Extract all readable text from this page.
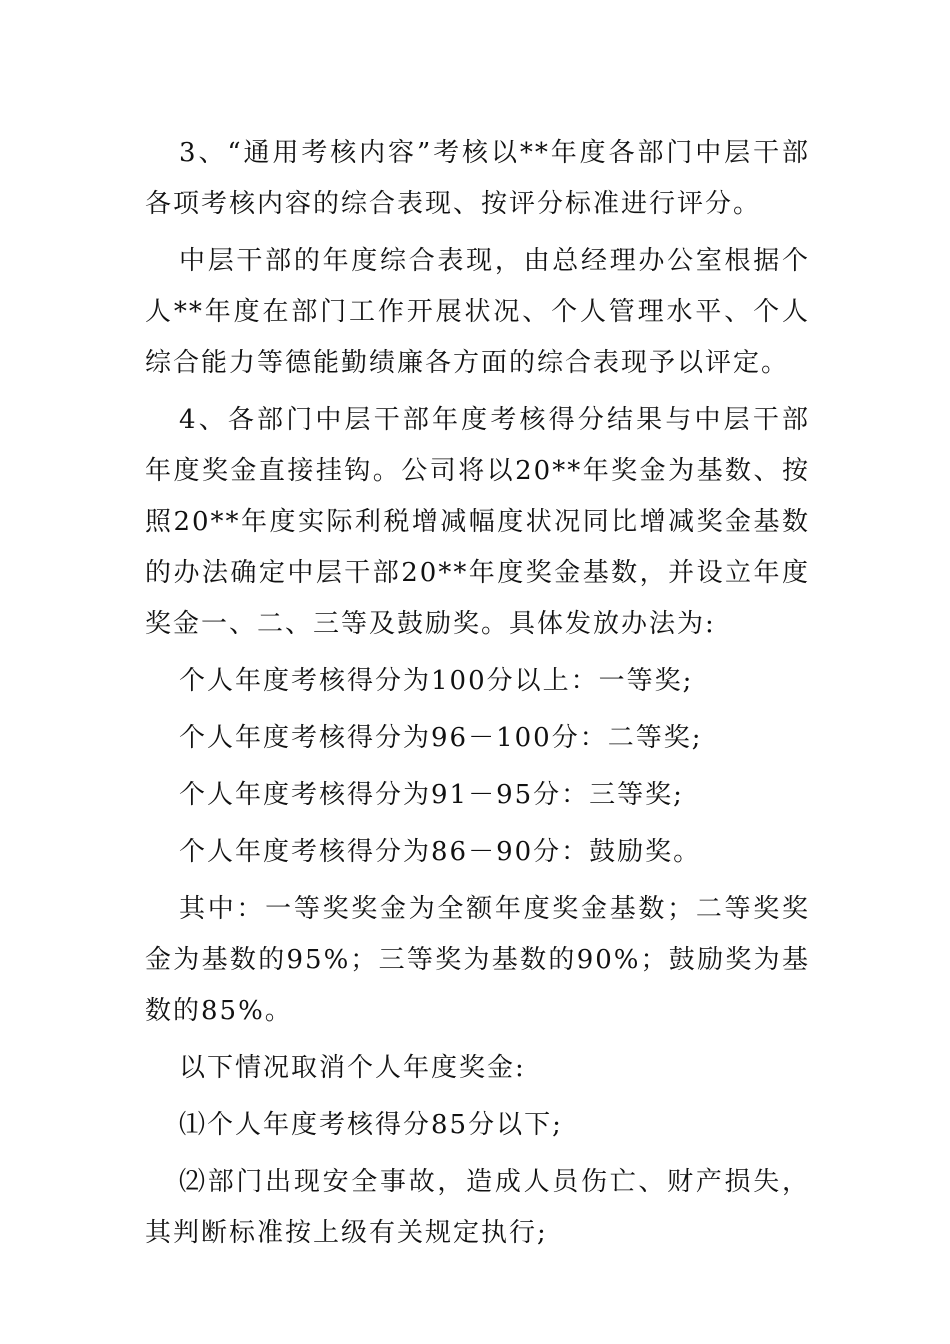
3、“通用考核内容”考核以**年度各部门中层干部各项考核内容的综合表现、按评分标准进行评分。

中层干部的年度综合表现，由总经理办公室根据个人**年度在部门工作开展状况、个人管理水平、个人综合能力等德能勤绩廉各方面的综合表现予以评定。

4、各部门中层干部年度考核得分结果与中层干部年度奖金直接挂钩。公司将以20**年奖金为基数、按照20**年度实际利税增减幅度状况同比增减奖金基数的办法确定中层干部20**年度奖金基数，并设立年度奖金一、二、三等及鼓励奖。具体发放办法为:

个人年度考核得分为100分以上：一等奖;

个人年度考核得分为96－100分：二等奖;

个人年度考核得分为91－95分：三等奖;

个人年度考核得分为86－90分：鼓励奖。

其中：一等奖奖金为全额年度奖金基数；二等奖奖金为基数的95%；三等奖为基数的90%；鼓励奖为基数的85%。

以下情况取消个人年度奖金:

⑴个人年度考核得分85分以下;

⑵部门出现安全事故，造成人员伤亡、财产损失，其判断标准按上级有关规定执行;
